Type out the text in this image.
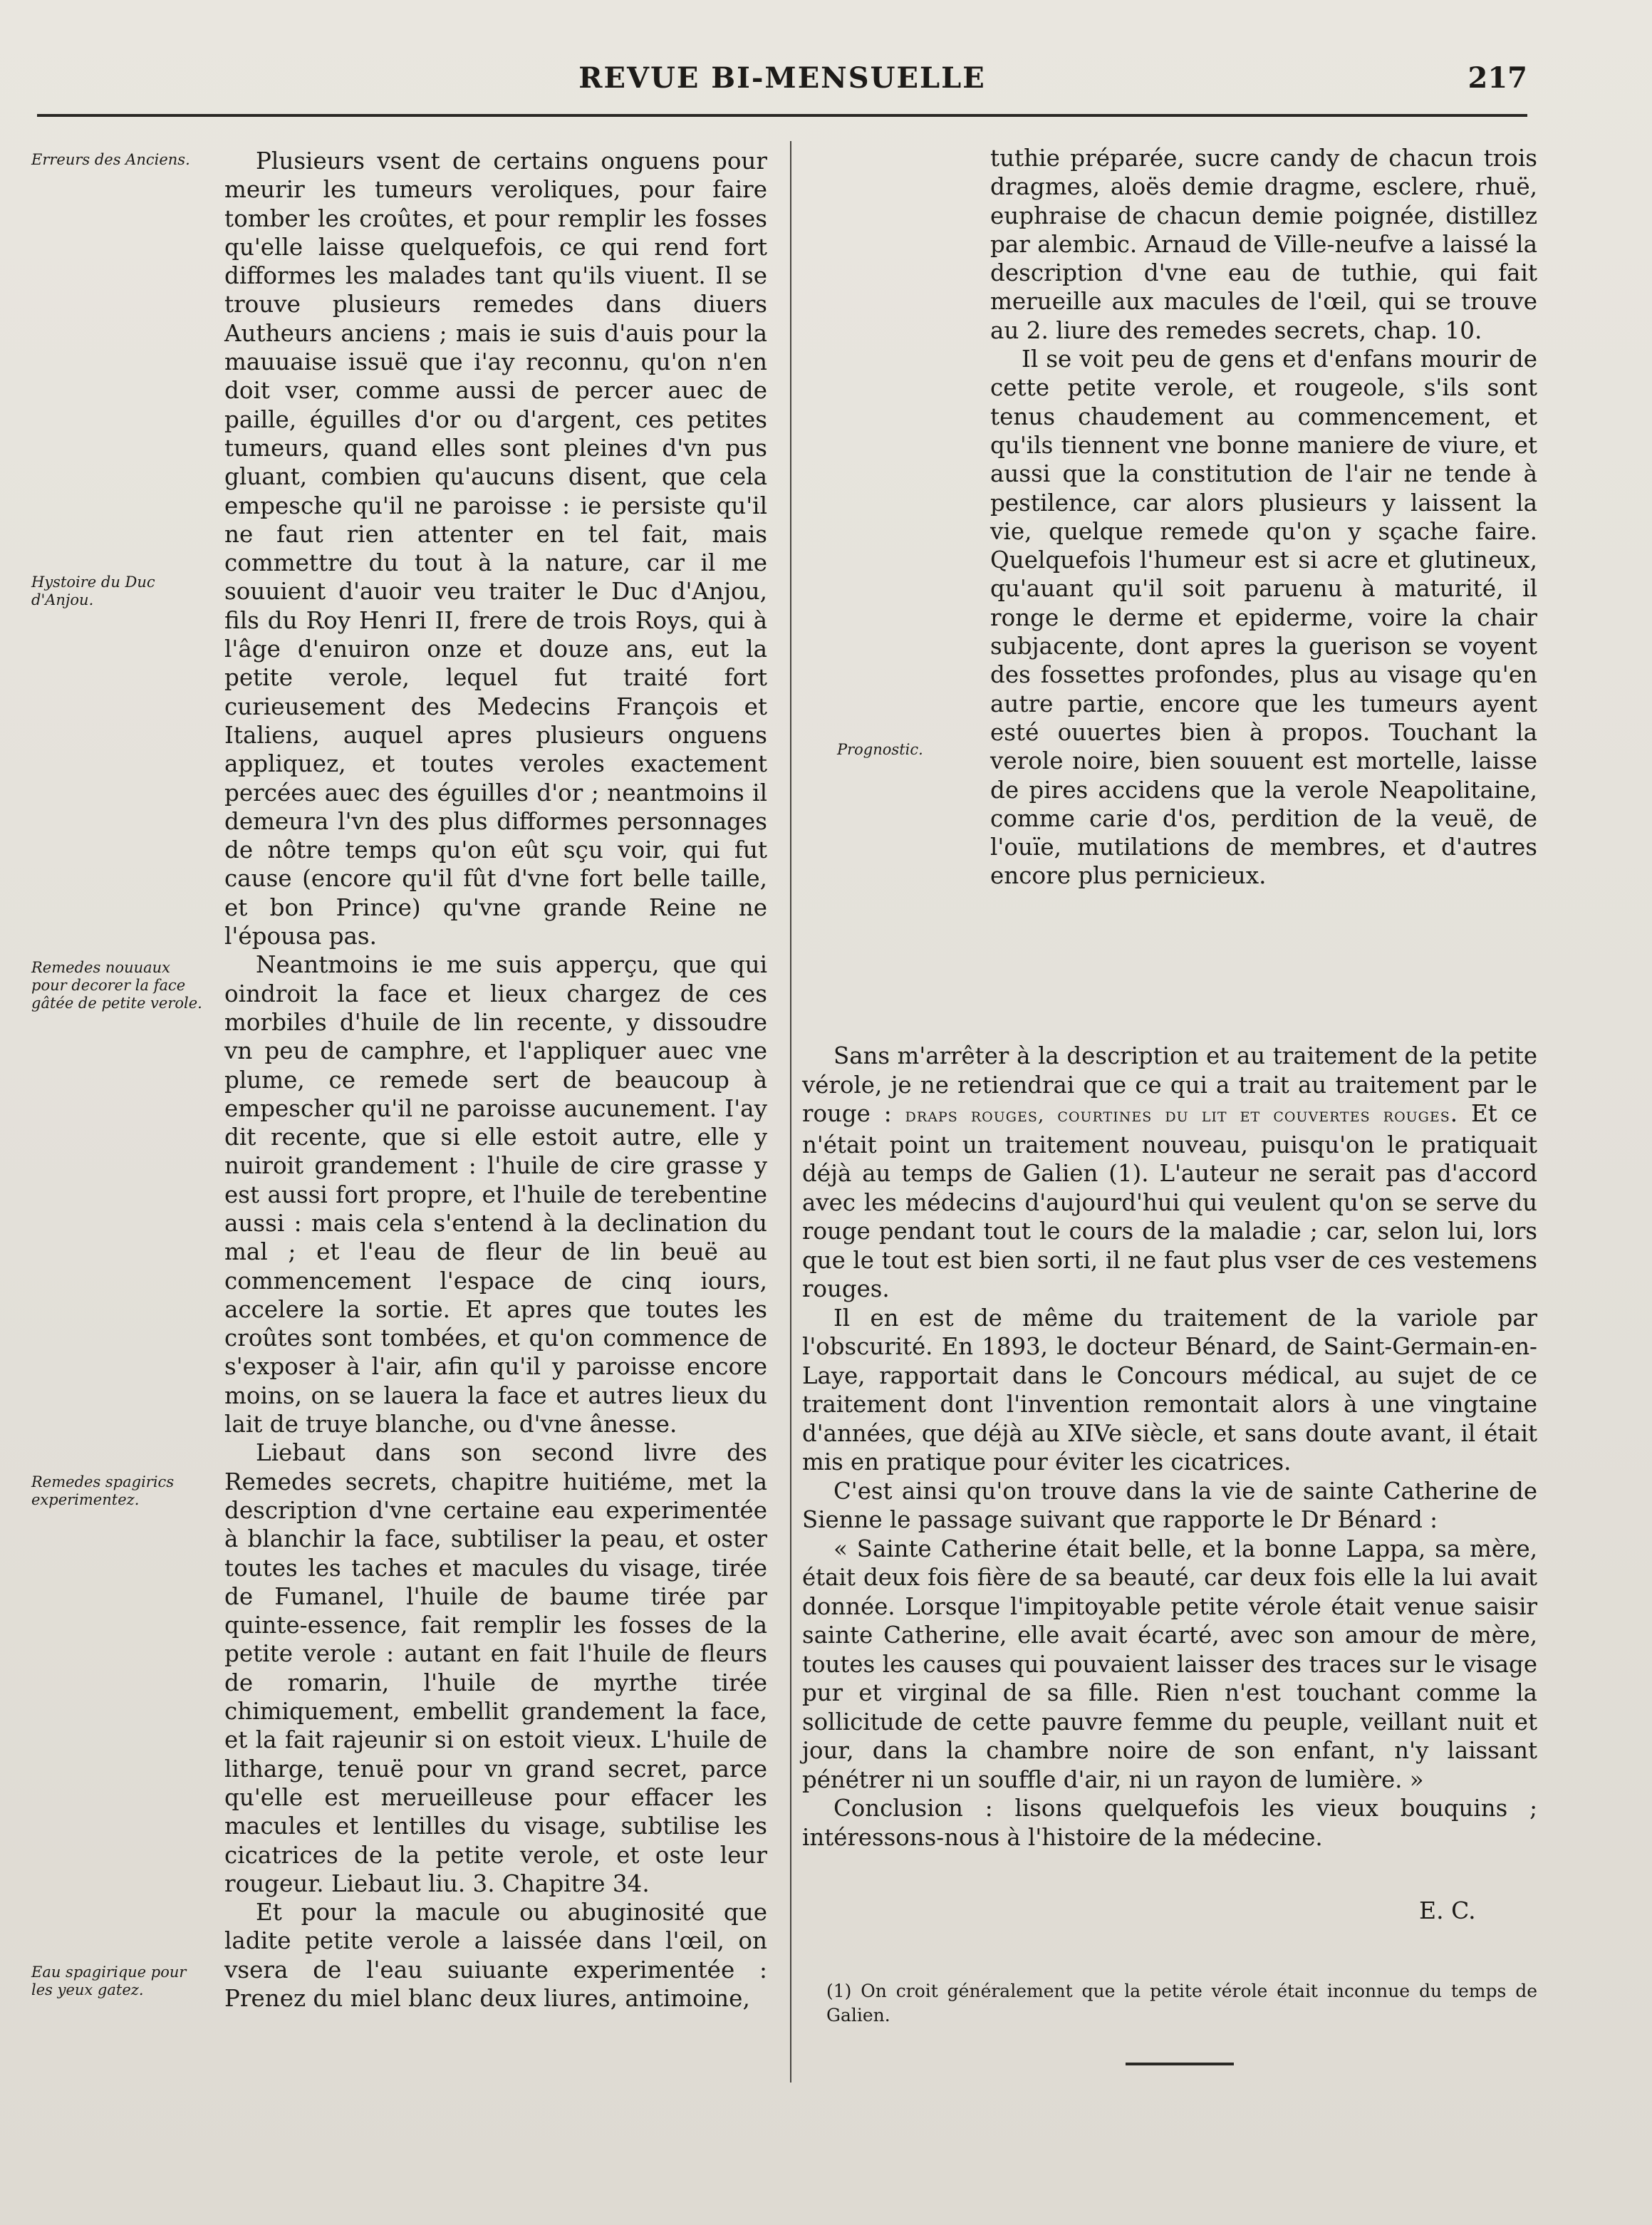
REVUE BI-MENSUELLE	217
Erreurs des Anciens.
Hystoire du Duc d'Anjou.
Remedes nouuaux pour decorer la face gâtée de petite verole.
Remedes spagirics experimentez.
Eau spagirique pour les yeux gatez.
Prognostic.

Plusieurs vsent de certains onguens pour meurir les tumeurs veroliques, pour faire tomber les croûtes, et pour remplir les fosses qu'elle laisse quelquefois, ce qui rend fort difformes les malades tant qu'ils viuent. Il se trouve plusieurs remedes dans diuers Autheurs anciens ; mais ie suis d'auis pour la mauuaise issuë que i'ay reconnu, qu'on n'en doit vser, comme aussi de percer auec de paille, éguilles d'or ou d'argent, ces petites tumeurs, quand elles sont pleines d'vn pus gluant, combien qu'aucuns disent, que cela empesche qu'il ne paroisse : ie persiste qu'il ne faut rien attenter en tel fait, mais commettre du tout à la nature, car il me souuient d'auoir veu traiter le Duc d'Anjou, fils du Roy Henri II, frere de trois Roys, qui à l'âge d'enuiron onze et douze ans, eut la petite verole, lequel fut traité fort curieusement des Medecins François et Italiens, auquel apres plusieurs onguens appliquez, et toutes veroles exactement percées auec des éguilles d'or ; neantmoins il demeura l'vn des plus difformes personnages de nôtre temps qu'on eût sçu voir, qui fut cause (encore qu'il fût d'vne fort belle taille, et bon Prince) qu'vne grande Reine ne l'épousa pas.

Neantmoins ie me suis apperçu, que qui oindroit la face et lieux chargez de ces morbiles d'huile de lin recente, y dissoudre vn peu de camphre, et l'appliquer auec vne plume, ce remede sert de beaucoup à empescher qu'il ne paroisse aucunement. I'ay dit recente, que si elle estoit autre, elle y nuiroit grandement : l'huile de cire grasse y est aussi fort propre, et l'huile de terebentine aussi : mais cela s'entend à la declination du mal ; et l'eau de fleur de lin beuë au commencement l'espace de cinq iours, accelere la sortie. Et apres que toutes les croûtes sont tombées, et qu'on commence de s'exposer à l'air, afin qu'il y paroisse encore moins, on se lauera la face et autres lieux du lait de truye blanche, ou d'vne ânesse.

Liebaut dans son second livre des Remedes secrets, chapitre huitiéme, met la description d'vne certaine eau experimentée à blanchir la face, subtiliser la peau, et oster toutes les taches et macules du visage, tirée de Fumanel, l'huile de baume tirée par quinte-essence, fait remplir les fosses de la petite verole : autant en fait l'huile de fleurs de romarin, l'huile de myrthe tirée chimiquement, embellit grandement la face, et la fait rajeunir si on estoit vieux. L'huile de litharge, tenuë pour vn grand secret, parce qu'elle est merueilleuse pour effacer les macules et lentilles du visage, subtilise les cicatrices de la petite verole, et oste leur rougeur. Liebaut liu. 3. Chapitre 34.

Et pour la macule ou abuginosité que ladite petite verole a laissée dans l'œil, on vsera de l'eau suiuante experimentée : Prenez du miel blanc deux liures, antimoine,

tuthie préparée, sucre candy de chacun trois dragmes, aloës demie dragme, esclere, rhuë, euphraise de chacun demie poignée, distillez par alembic. Arnaud de Ville-neufve a laissé la description d'vne eau de tuthie, qui fait merueille aux macules de l'œil, qui se trouve au 2. liure des remedes secrets, chap. 10.

Il se voit peu de gens et d'enfans mourir de cette petite verole, et rougeole, s'ils sont tenus chaudement au commencement, et qu'ils tiennent vne bonne maniere de viure, et aussi que la constitution de l'air ne tende à pestilence, car alors plusieurs y laissent la vie, quelque remede qu'on y sçache faire. Quelquefois l'humeur est si acre et glutineux, qu'auant qu'il soit paruenu à maturité, il ronge le derme et epiderme, voire la chair subjacente, dont apres la guerison se voyent des fossettes profondes, plus au visage qu'en autre partie, encore que les tumeurs ayent esté ouuertes bien à propos. Touchant la verole noire, bien souuent est mortelle, laisse de pires accidens que la verole Neapolitaine, comme carie d'os, perdition de la veuë, de l'ouïe, mutilations de membres, et d'autres encore plus pernicieux.

Sans m'arrêter à la description et au traitement de la petite vérole, je ne retiendrai que ce qui a trait au traitement par le rouge : draps rouges, courtines du lit et couvertes rouges. Et ce n'était point un traitement nouveau, puisqu'on le pratiquait déjà au temps de Galien (1). L'auteur ne serait pas d'accord avec les médecins d'aujourd'hui qui veulent qu'on se serve du rouge pendant tout le cours de la maladie ; car, selon lui, lors que le tout est bien sorti, il ne faut plus vser de ces vestemens rouges.

Il en est de même du traitement de la variole par l'obscurité. En 1893, le docteur Bénard, de Saint-Germain-en-Laye, rapportait dans le Concours médical, au sujet de ce traitement dont l'invention remontait alors à une vingtaine d'années, que déjà au XIVe siècle, et sans doute avant, il était mis en pratique pour éviter les cicatrices.

C'est ainsi qu'on trouve dans la vie de sainte Catherine de Sienne le passage suivant que rapporte le Dr Bénard :

« Sainte Catherine était belle, et la bonne Lappa, sa mère, était deux fois fière de sa beauté, car deux fois elle la lui avait donnée. Lorsque l'impitoyable petite vérole était venue saisir sainte Catherine, elle avait écarté, avec son amour de mère, toutes les causes qui pouvaient laisser des traces sur le visage pur et virginal de sa fille. Rien n'est touchant comme la sollicitude de cette pauvre femme du peuple, veillant nuit et jour, dans la chambre noire de son enfant, n'y laissant pénétrer ni un souffle d'air, ni un rayon de lumière. »

Conclusion : lisons quelquefois les vieux bouquins ; intéressons-nous à l'histoire de la médecine.

E. C.
(1) On croit généralement que la petite vérole était inconnue du temps de Galien.
